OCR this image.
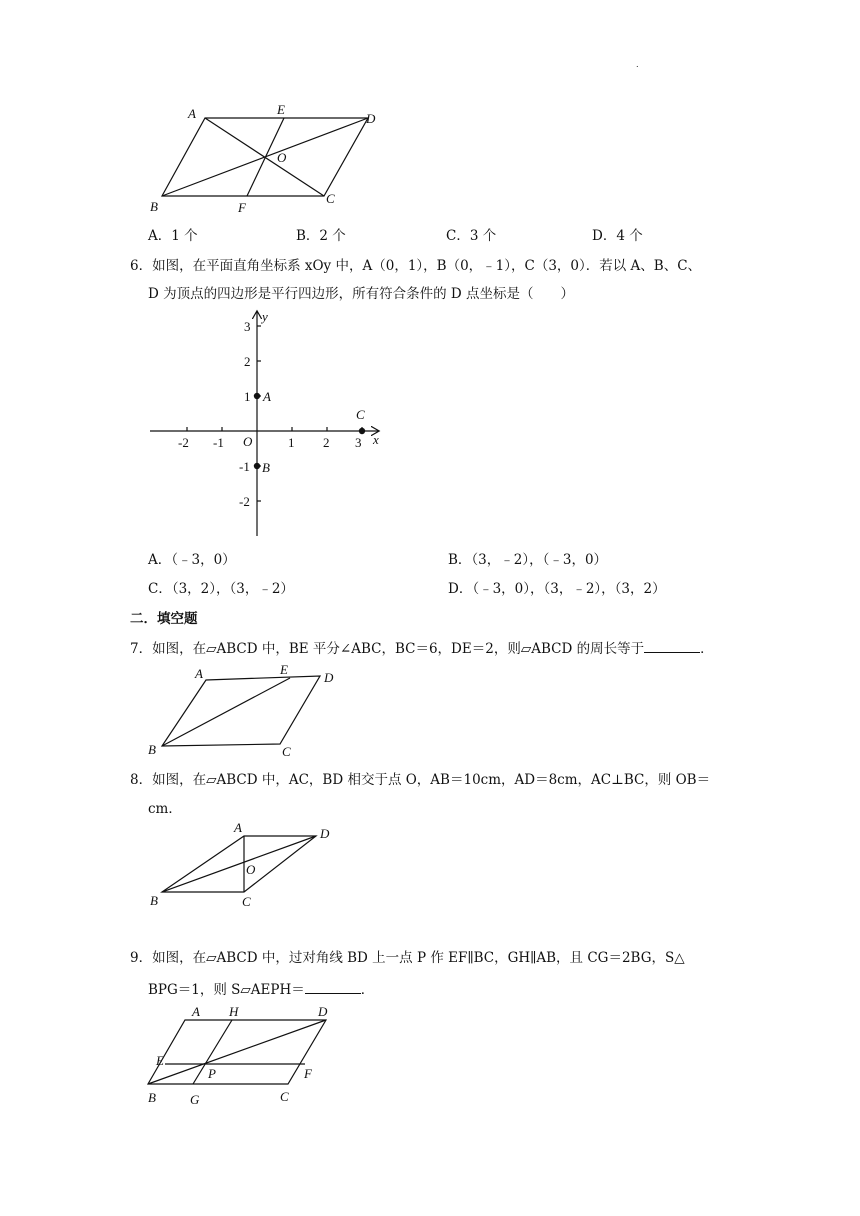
.
A	E
D
O
B	F
C
A．1 个	B．2 个	C．3 个	D．4 个
6．如图，在平面直角坐标系 xOy 中，A（0，1），B（0，﹣1），C（3，0）．若以 A、B、C、
D 为顶点的四边形是平行四边形，所有符合条件的 D 点坐标是（　　）
y
x
O
-2 -1	1 2 3
3
2
1
-1
-2
A
B
C
A．（﹣3，0）	B．（3，﹣2），（﹣3，0）
C．（3，2），（3，﹣2）	D．（﹣3，0），（3，﹣2），（3，2）
二．填空题
7．如图，在▱ABCD 中，BE 平分∠ABC，BC＝6，DE＝2，则▱ABCD 的周长等于	．
A	E
D
B	C
8．如图，在▱ABCD 中，AC，BD 相交于点 O，AB＝10cm，AD＝8cm，AC⊥BC，则 OB＝
cm．
A	D
O
B	C
9．如图，在▱ABCD 中，过对角线 BD 上一点 P 作 EF∥BC，GH∥AB，且 CG＝2BG，S△
BPG＝1，则 S▱AEPH＝	．
A H	D
E
P	F
B	G	C
